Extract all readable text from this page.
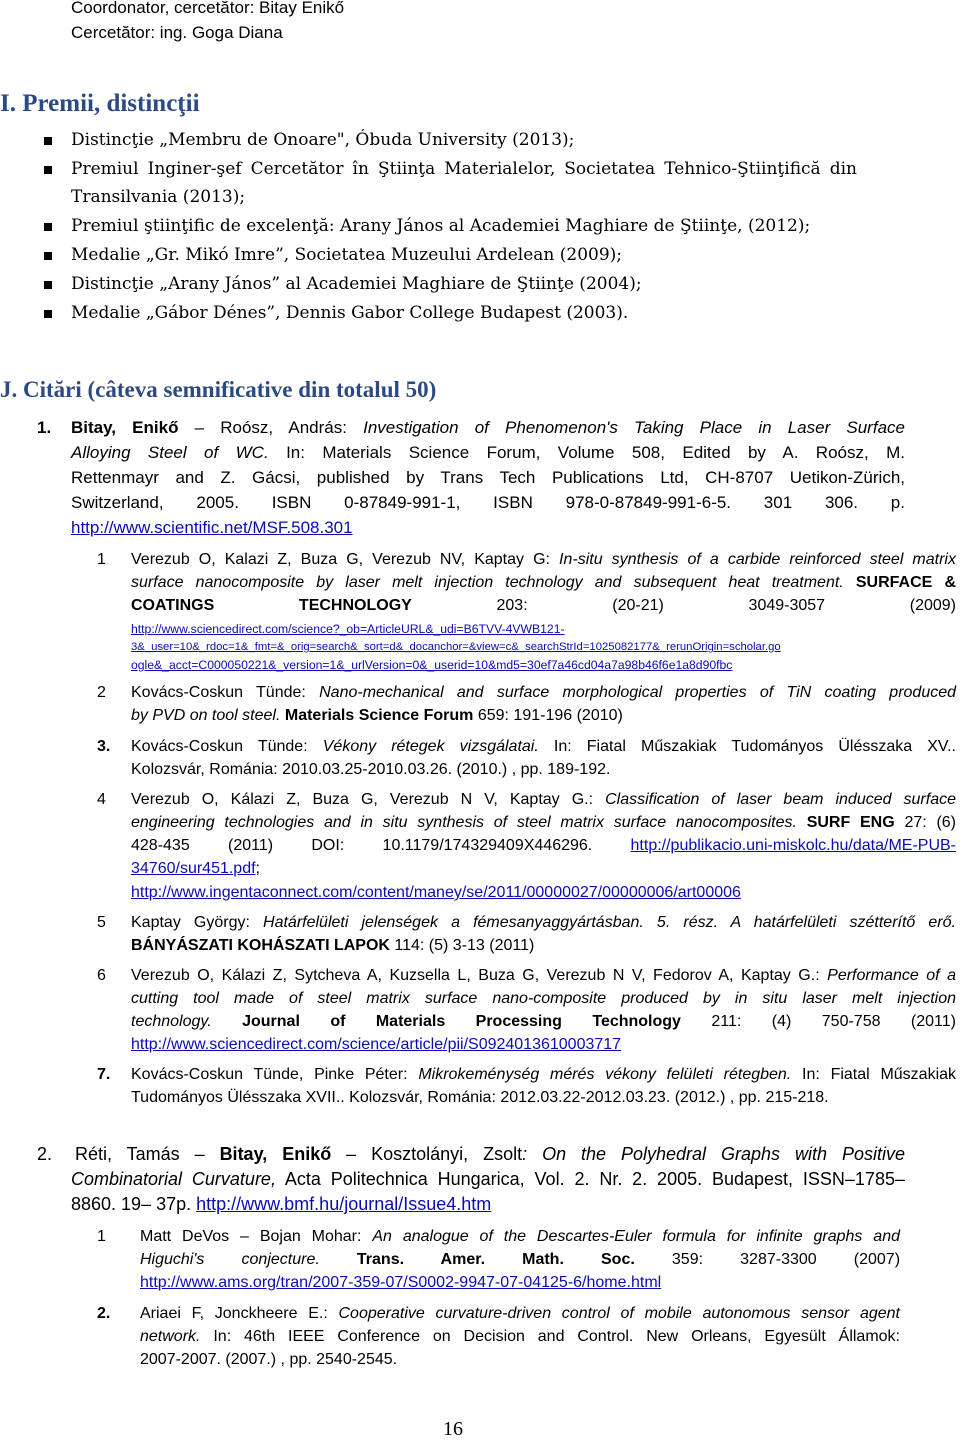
Coordonator, cercetător: Bitay Enikő
Cercetător: ing. Goga Diana
I. Premii, distincţii
Distincţie „Membru de Onoare", Óbuda University (2013);
Premiul Inginer-şef Cercetător în Ştiinţa Materialelor, Societatea Tehnico-Ştiinţifică din
Transilvania (2013);
Premiul ştiinţific de excelenţă: Arany János al Academiei Maghiare de Ştiinţe, (2012);
Medalie „Gr. Mikó Imre”, Societatea Muzeului Ardelean (2009);
Distincţie „Arany János” al Academiei Maghiare de Ştiinţe (2004);
Medalie „Gábor Dénes”, Dennis Gabor College Budapest (2003).
J. Citări (câteva semnificative din totalul 50)
1. Bitay, Enikő – Roósz, András: Investigation of Phenomenon's Taking Place in Laser Surface
Alloying Steel of WC. In: Materials Science Forum, Volume 508, Edited by A. Roósz, M.
Rettenmayr and Z. Gácsi, published by Trans Tech Publications Ltd, CH-8707 Uetikon-Zürich,
Switzerland, 2005. ISBN 0-87849-991-1, ISBN 978-0-87849-991-6-5. 301 306. p.
http://www.scientific.net/MSF.508.301
1 Verezub O, Kalazi Z, Buza G, Verezub NV, Kaptay G: In-situ synthesis of a carbide reinforced steel matrix
surface nanocomposite by laser melt injection technology and subsequent heat treatment. SURFACE &
COATINGS TECHNOLOGY	203: (20-21) 3049-3057 (2009)
http://www.sciencedirect.com/science?_ob=ArticleURL&_udi=B6TVV-4VWB121-
3&_user=10&_rdoc=1&_fmt=&_orig=search&_sort=d&_docanchor=&view=c&_searchStrId=1025082177&_rerunOrigin=scholar.go
ogle&_acct=C000050221&_version=1&_urlVersion=0&_userid=10&md5=30ef7a46cd04a7a98b46f6e1a8d90fbc
2 Kovács-Coskun Tünde: Nano-mechanical and surface morphological properties of TiN coating produced
by PVD on tool steel. Materials Science Forum 659: 191-196 (2010)
3. Kovács-Coskun Tünde: Vékony rétegek vizsgálatai. In: Fiatal Műszakiak Tudományos Ülésszaka XV..
Kolozsvár, Románia: 2010.03.25-2010.03.26. (2010.) , pp. 189-192.
4 Verezub O, Kálazi Z, Buza G, Verezub N V, Kaptay G.: Classification of laser beam induced surface
engineering technologies and in situ synthesis of steel matrix surface nanocomposites. SURF ENG 27: (6)
428-435 (2011) DOI: 10.1179/174329409X446296. http://publikacio.uni-miskolc.hu/data/ME-PUB-
34760/sur451.pdf;
http://www.ingentaconnect.com/content/maney/se/2011/00000027/00000006/art00006
5 Kaptay György: Határfelületi jelenségek a fémesanyaggyártásban. 5. rész. A határfelületi szétterítő erő.
BÁNYÁSZATI KOHÁSZATI LAPOK 114: (5) 3-13 (2011)
6 Verezub O, Kálazi Z, Sytcheva A, Kuzsella L, Buza G, Verezub N V, Fedorov A, Kaptay G.: Performance of a
cutting tool made of steel matrix surface nano-composite produced by in situ laser melt injection
technology. Journal of Materials Processing Technology 211: (4) 750-758 (2011)
http://www.sciencedirect.com/science/article/pii/S0924013610003717
7. Kovács-Coskun Tünde, Pinke Péter: Mikrokeménység mérés vékony felületi rétegben. In: Fiatal Műszakiak
Tudományos Ülésszaka XVII.. Kolozsvár, Románia: 2012.03.22-2012.03.23. (2012.) , pp. 215-218.
2. Réti, Tamás – Bitay, Enikő – Kosztolányi, Zsolt: On the Polyhedral Graphs with Positive
Combinatorial Curvature, Acta Politechnica Hungarica, Vol. 2. Nr. 2. 2005. Budapest, ISSN–1785–
8860. 19– 37p. http://www.bmf.hu/journal/Issue4.htm
1 Matt DeVos – Bojan Mohar: An analogue of the Descartes-Euler formula for infinite graphs and
Higuchi's conjecture. Trans. Amer. Math. Soc. 359: 3287-3300 (2007)
http://www.ams.org/tran/2007-359-07/S0002-9947-07-04125-6/home.html
2. Ariaei F, Jonckheere E.: Cooperative curvature-driven control of mobile autonomous sensor agent
network. In: 46th IEEE Conference on Decision and Control. New Orleans, Egyesült Államok:
2007-2007. (2007.) , pp. 2540-2545.
16
